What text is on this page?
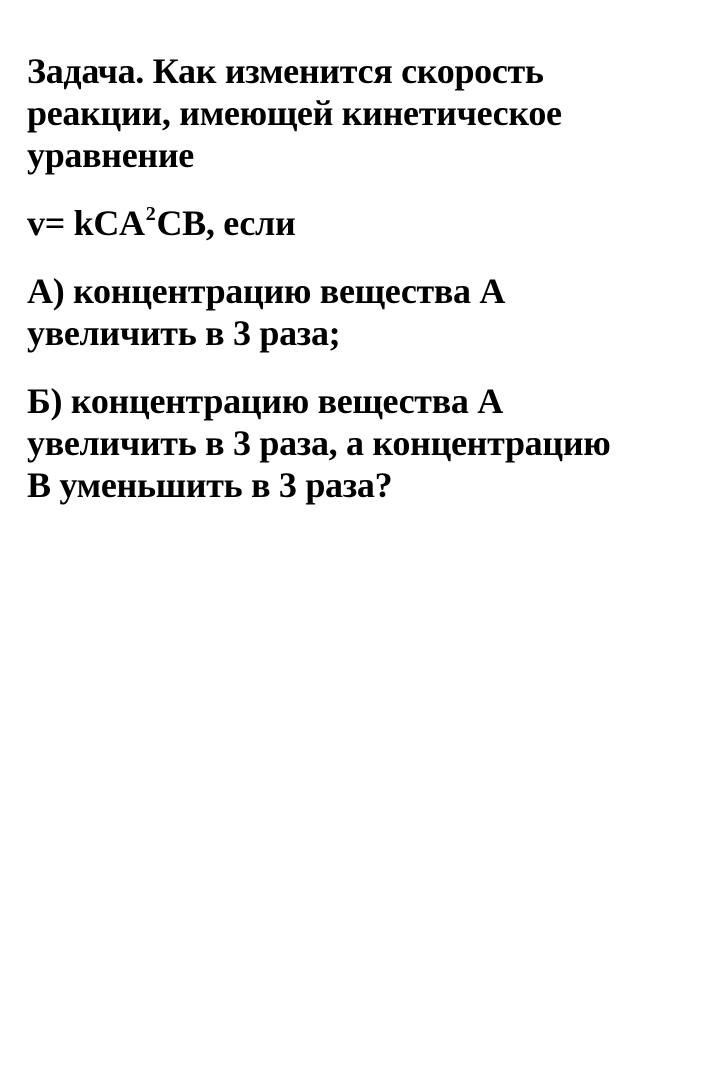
Задача. Как изменится скорость
реакции, имеющей кинетическое
уравнение

v= kCA$^2$CB, если

А) концентрацию вещества А
увеличить в 3 раза;

Б) концентрацию вещества А
увеличить в 3 раза, а концентрацию
В уменьшить в 3 раза?
